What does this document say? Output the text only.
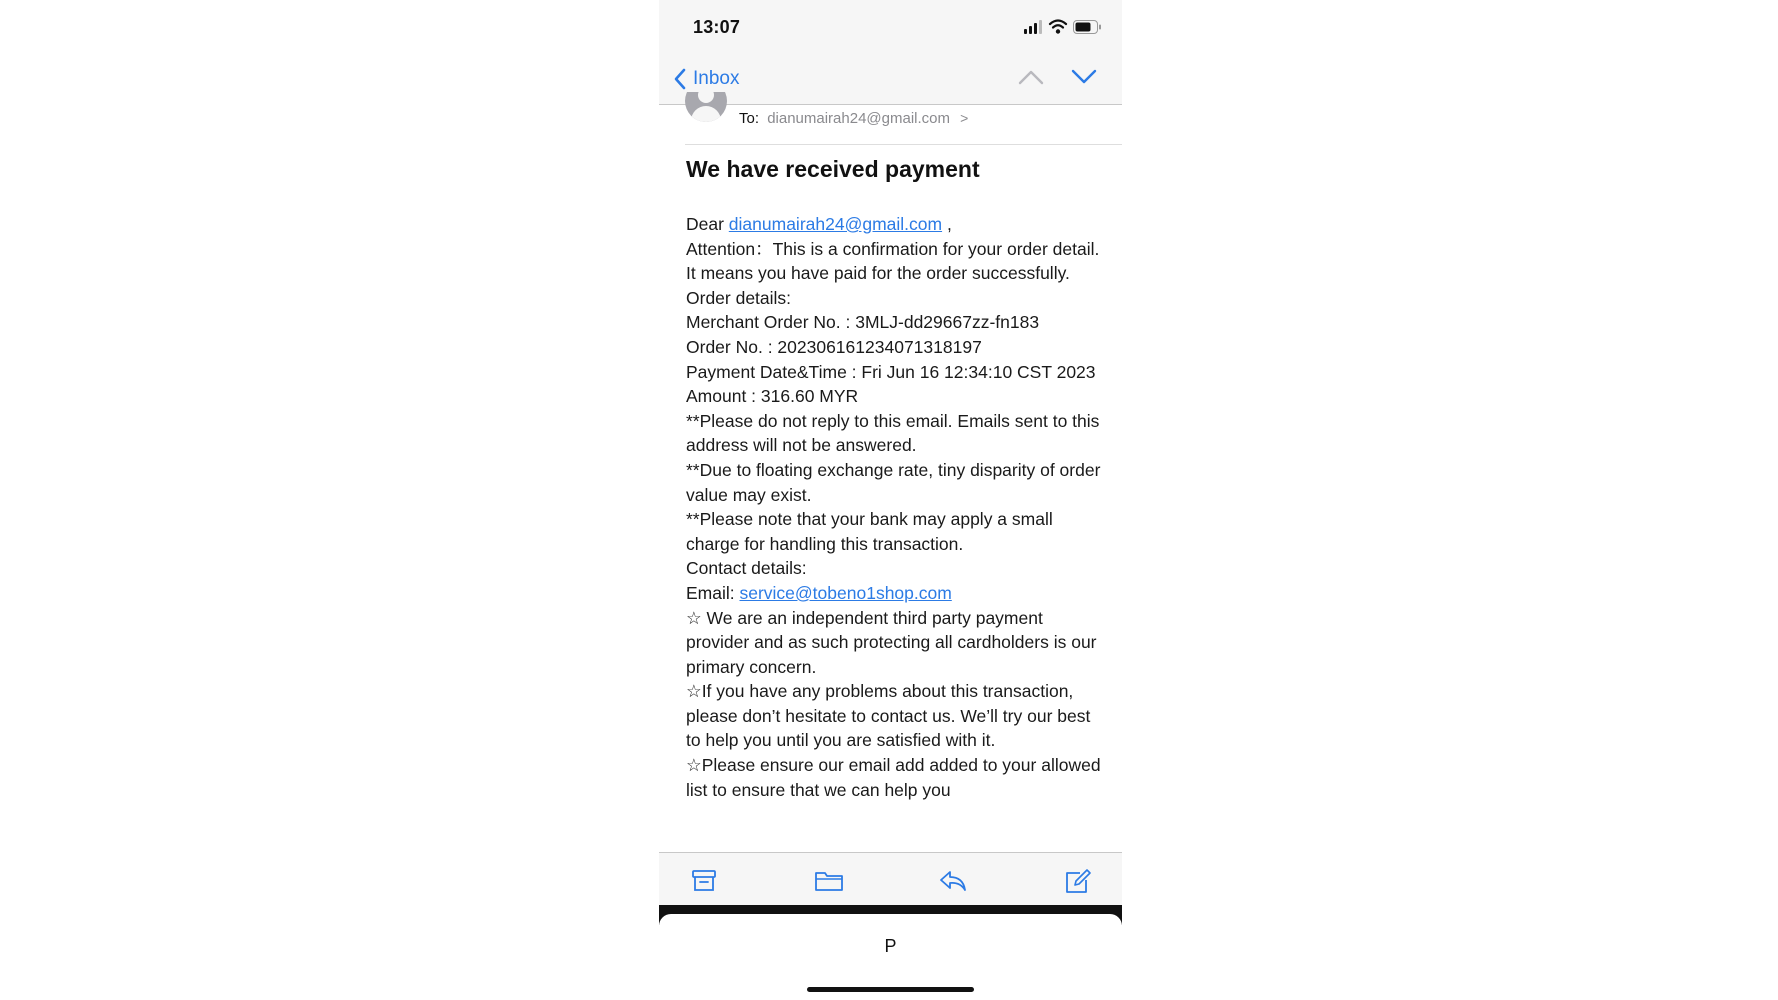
13:07
Inbox
To: dianumairah24@gmail.com >
We have received payment

Dear dianumairah24@gmail.com ,

Attention：This is a confirmation for your order detail. It means you have paid for the order successfully.

Order details:

Merchant Order No. : 3MLJ-dd29667zz-fn183

Order No. : 20230616123407131819​7

Payment Date&Time : Fri Jun 16 12:34:10 CST 2023

Amount : 316.60 MYR

**Please do not reply to this email. Emails sent to this address will not be answered.

**Due to floating exchange rate, tiny disparity of order value may exist.

**Please note that your bank may apply a small charge for handling this transaction.

Contact details:

Email: service@tobeno1shop.com

☆ We are an independent third party payment provider and as such protecting all cardholders is our primary concern.

☆If you have any problems about this transaction, please don’t hesitate to contact us. We’ll try our best to help you until you are satisfied with it.

☆Please ensure our email add added to your allowed list to ensure that we can help you

P
